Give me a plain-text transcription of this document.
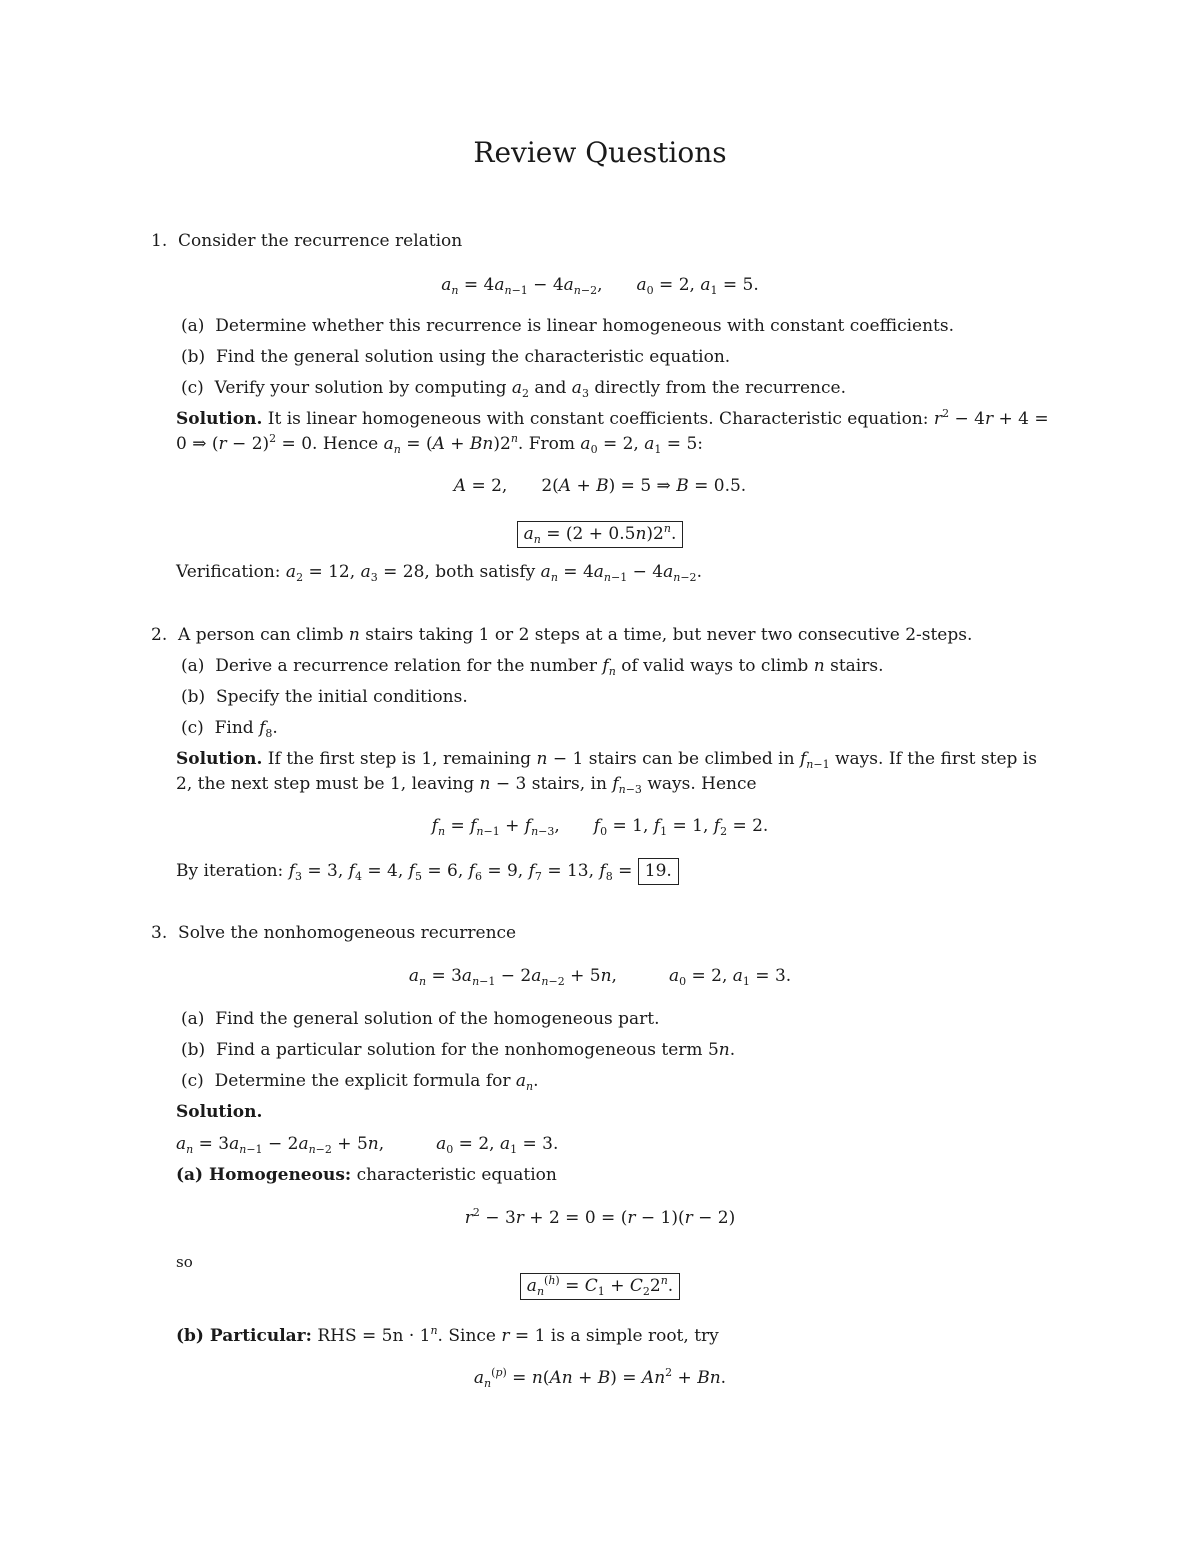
Review Questions
1. Consider the recurrence relation
$a_n = 4a_{n-1} - 4a_{n-2}$, $a_0 = 2$, $a_1 = 5$.
(a) Determine whether this recurrence is linear homogeneous with constant coefficients.
(b) Find the general solution using the characteristic equation.
(c) Verify your solution by computing $a_2$ and $a_3$ directly from the recurrence.
Solution. It is linear homogeneous with constant coefficients. Characteristic equation: $r^2 - 4r + 4$ =
0 ⇒ $(r - 2)^2 = 0$. Hence $a_n = (A + Bn)2^n$. From $a_0 = 2$, $a_1 = 5$:
A = 2, 2(A + B) = 5 ⇒ B = 0.5.
$a_n = (2 + 0.5n)2^n$.
Verification: $a_2 = 12$, $a_3 = 28$, both satisfy $a_n = 4a_{n-1} - 4a_{n-2}$.
2. A person can climb n stairs taking 1 or 2 steps at a time, but never two consecutive 2-steps.
(a) Derive a recurrence relation for the number $f_n$ of valid ways to climb n stairs.
(b) Specify the initial conditions.
(c) Find $f_8$.
Solution. If the first step is 1, remaining n − 1 stairs can be climbed in $f_{n-1}$ ways. If the first step is
2, the next step must be 1, leaving n − 3 stairs, in $f_{n-3}$ ways. Hence
$f_n = f_{n-1} + f_{n-3}$, $f_0 = 1$, $f_1 = 1$, $f_2 = 2$.
By iteration: $f_3 = 3$, $f_4 = 4$, $f_5 = 6$, $f_6 = 9$, $f_7 = 13$, $f_8 = 19$.
3. Solve the nonhomogeneous recurrence
$a_n = 3a_{n-1} - 2a_{n-2} + 5n$,	$a_0 = 2$, $a_1 = 3$.
(a) Find the general solution of the homogeneous part.
(b) Find a particular solution for the nonhomogeneous term 5n.
(c) Determine the explicit formula for $a_n$.
Solution.
$a_n = 3a_{n-1} - 2a_{n-2} + 5n$,	$a_0 = 2$, $a_1 = 3$.
(a) Homogeneous: characteristic equation
$r^2 - 3r + 2 = 0 = (r - 1)(r - 2)$
so
$a_n^{(h)} = C_1 + C_22^n$.
(b) Particular: RHS = $5n \cdot 1^n$. Since r = 1 is a simple root, try
$a_n^{(p)} = n(An + B) = An^2 + Bn$.
